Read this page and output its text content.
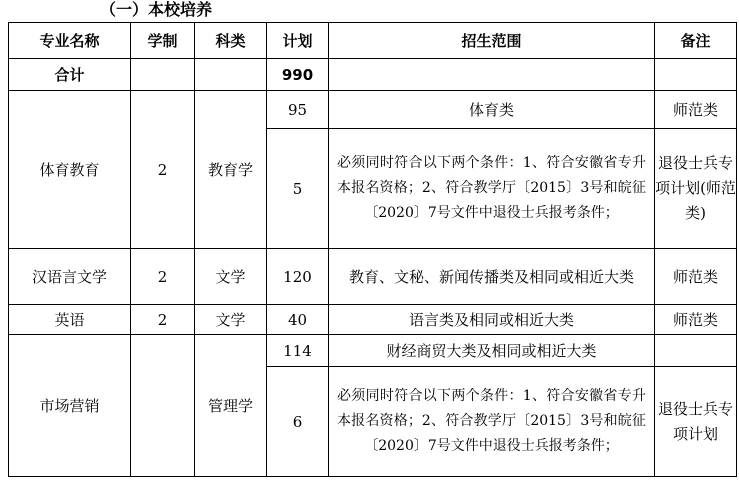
（一）本校培养
专业名称	学制	科类	计划	招生范围	备注
合计			990		
体育教育	2	教育学	95	体育类	师范类
			5	必须同时符合以下两个条件：1、符合安徽省专升本报名资格；2、符合教学厅〔2015〕3号和皖征〔2020〕7号文件中退役士兵报考条件；	退役士兵专项计划(师范类)
汉语言文学	2	文学	120	教育、文秘、新闻传播类及相同或相近大类	师范类
英语	2	文学	40	语言类及相同或相近大类	师范类
市场营销		管理学	114	财经商贸大类及相同或相近大类	
			6	必须同时符合以下两个条件：1、符合安徽省专升本报名资格；2、符合教学厅〔2015〕3号和皖征〔2020〕7号文件中退役士兵报考条件；	退役士兵专项计划
